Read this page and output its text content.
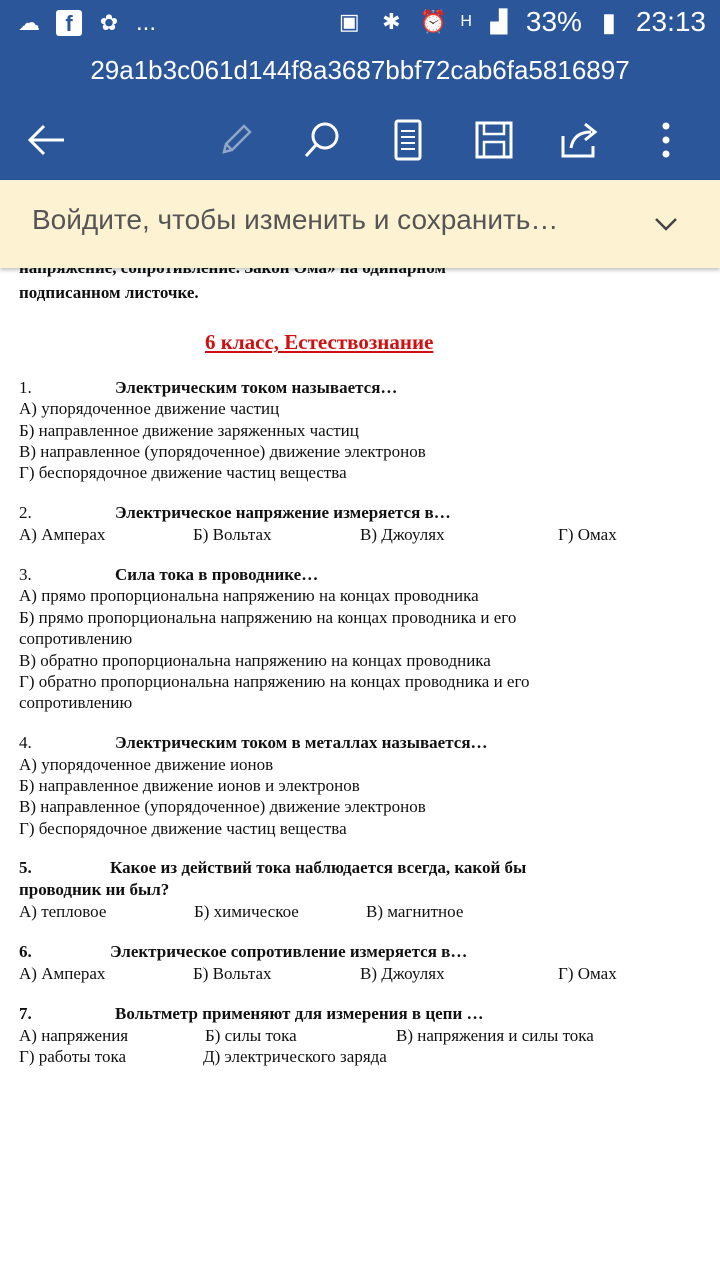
☁	f	✿ ...	▣ ✱ ⏰ H ▟ 33% ▮ 23:13
29a1b3c061d144f8a3687bbf72cab6fa5816897
Войдите, чтобы изменить и сохранить…
подписанном листочке.
6 класс, Естествознание
1.	Электрическим током называется…
А) упорядоченное движение частиц
Б) направленное движение заряженных частиц
В) направленное (упорядоченное) движение электронов
Г) беспорядочное движение частиц вещества
2.	Электрическое напряжение измеряется в…
А) Амперах	Б) Вольтах	В) Джоулях	Г) Омах
3.	Сила тока в проводнике…
А) прямо пропорциональна напряжению на концах проводника
Б) прямо пропорциональна напряжению на концах проводника и его
сопротивлению
В) обратно пропорциональна напряжению на концах проводника
Г) обратно пропорциональна напряжению на концах проводника и его
сопротивлению
4.	Электрическим током в металлах называется…
А) упорядоченное движение ионов
Б) направленное движение ионов и электронов
В) направленное (упорядоченное) движение электронов
Г) беспорядочное движение частиц вещества
5.	Какое из действий тока наблюдается всегда, какой бы
проводник ни был?
А) тепловое	Б) химическое	В) магнитное
6.	Электрическое сопротивление измеряется в…
А) Амперах	Б) Вольтах	В) Джоулях	Г) Омах
7.	Вольтметр применяют для измерения в цепи …
А) напряжения	Б) силы тока	В) напряжения и силы тока
Г) работы тока	Д) электрического заряда
